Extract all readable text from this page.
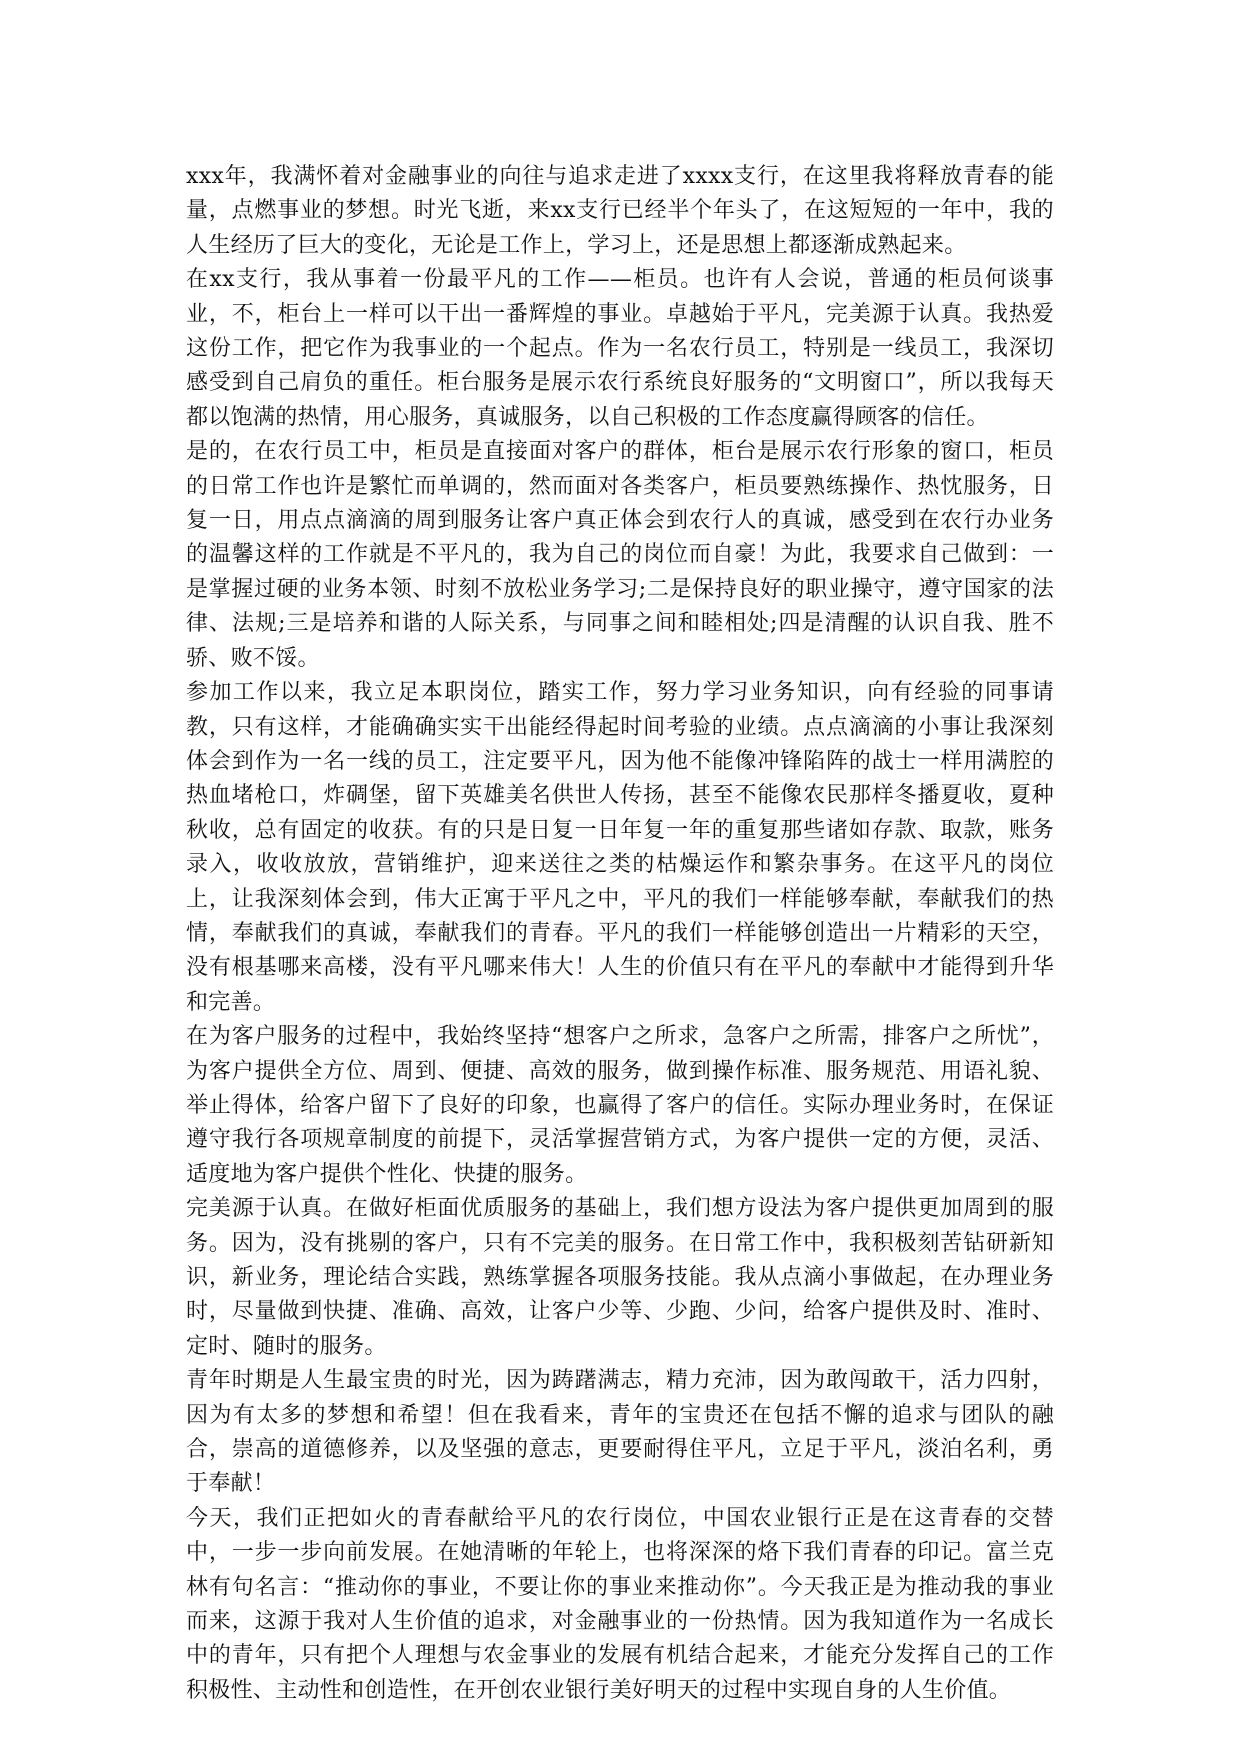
xxx年，我满怀着对金融事业的向往与追求走进了xxxx支行，在这里我将释放青春的能量，点燃事业的梦想。时光飞逝，来xx支行已经半个年头了，在这短短的一年中，我的人生经历了巨大的变化，无论是工作上，学习上，还是思想上都逐渐成熟起来。

在xx支行，我从事着一份最平凡的工作——柜员。也许有人会说，普通的柜员何谈事业，不，柜台上一样可以干出一番辉煌的事业。卓越始于平凡，完美源于认真。我热爱这份工作，把它作为我事业的一个起点。作为一名农行员工，特别是一线员工，我深切感受到自己肩负的重任。柜台服务是展示农行系统良好服务的“文明窗口”，所以我每天都以饱满的热情，用心服务，真诚服务，以自己积极的工作态度赢得顾客的信任。

是的，在农行员工中，柜员是直接面对客户的群体，柜台是展示农行形象的窗口，柜员的日常工作也许是繁忙而单调的，然而面对各类客户，柜员要熟练操作、热忱服务，日复一日，用点点滴滴的周到服务让客户真正体会到农行人的真诚，感受到在农行办业务的温馨这样的工作就是不平凡的，我为自己的岗位而自豪！为此，我要求自己做到：一是掌握过硬的业务本领、时刻不放松业务学习;二是保持良好的职业操守，遵守国家的法律、法规;三是培养和谐的人际关系，与同事之间和睦相处;四是清醒的认识自我、胜不骄、败不馁。

参加工作以来，我立足本职岗位，踏实工作，努力学习业务知识，向有经验的同事请教，只有这样，才能确确实实干出能经得起时间考验的业绩。点点滴滴的小事让我深刻体会到作为一名一线的员工，注定要平凡，因为他不能像冲锋陷阵的战士一样用满腔的热血堵枪口，炸碉堡，留下英雄美名供世人传扬，甚至不能像农民那样冬播夏收，夏种秋收，总有固定的收获。有的只是日复一日年复一年的重复那些诸如存款、取款，账务录入，收收放放，营销维护，迎来送往之类的枯燥运作和繁杂事务。在这平凡的岗位上，让我深刻体会到，伟大正寓于平凡之中，平凡的我们一样能够奉献，奉献我们的热情，奉献我们的真诚，奉献我们的青春。平凡的我们一样能够创造出一片精彩的天空，没有根基哪来高楼，没有平凡哪来伟大！人生的价值只有在平凡的奉献中才能得到升华和完善。

在为客户服务的过程中，我始终坚持“想客户之所求，急客户之所需，排客户之所忧”，为客户提供全方位、周到、便捷、高效的服务，做到操作标准、服务规范、用语礼貌、举止得体，给客户留下了良好的印象，也赢得了客户的信任。实际办理业务时，在保证遵守我行各项规章制度的前提下，灵活掌握营销方式，为客户提供一定的方便，灵活、适度地为客户提供个性化、快捷的服务。

完美源于认真。在做好柜面优质服务的基础上，我们想方设法为客户提供更加周到的服务。因为，没有挑剔的客户，只有不完美的服务。在日常工作中，我积极刻苦钻研新知识，新业务，理论结合实践，熟练掌握各项服务技能。我从点滴小事做起，在办理业务时，尽量做到快捷、准确、高效，让客户少等、少跑、少问，给客户提供及时、准时、定时、随时的服务。

青年时期是人生最宝贵的时光，因为踌躇满志，精力充沛，因为敢闯敢干，活力四射，因为有太多的梦想和希望！但在我看来，青年的宝贵还在包括不懈的追求与团队的融合，崇高的道德修养，以及坚强的意志，更要耐得住平凡，立足于平凡，淡泊名利，勇于奉献！

今天，我们正把如火的青春献给平凡的农行岗位，中国农业银行正是在这青春的交替中，一步一步向前发展。在她清晰的年轮上，也将深深的烙下我们青春的印记。富兰克林有句名言：“推动你的事业，不要让你的事业来推动你”。今天我正是为推动我的事业而来，这源于我对人生价值的追求，对金融事业的一份热情。因为我知道作为一名成长中的青年，只有把个人理想与农金事业的发展有机结合起来，才能充分发挥自己的工作积极性、主动性和创造性，在开创农业银行美好明天的过程中实现自身的人生价值。
